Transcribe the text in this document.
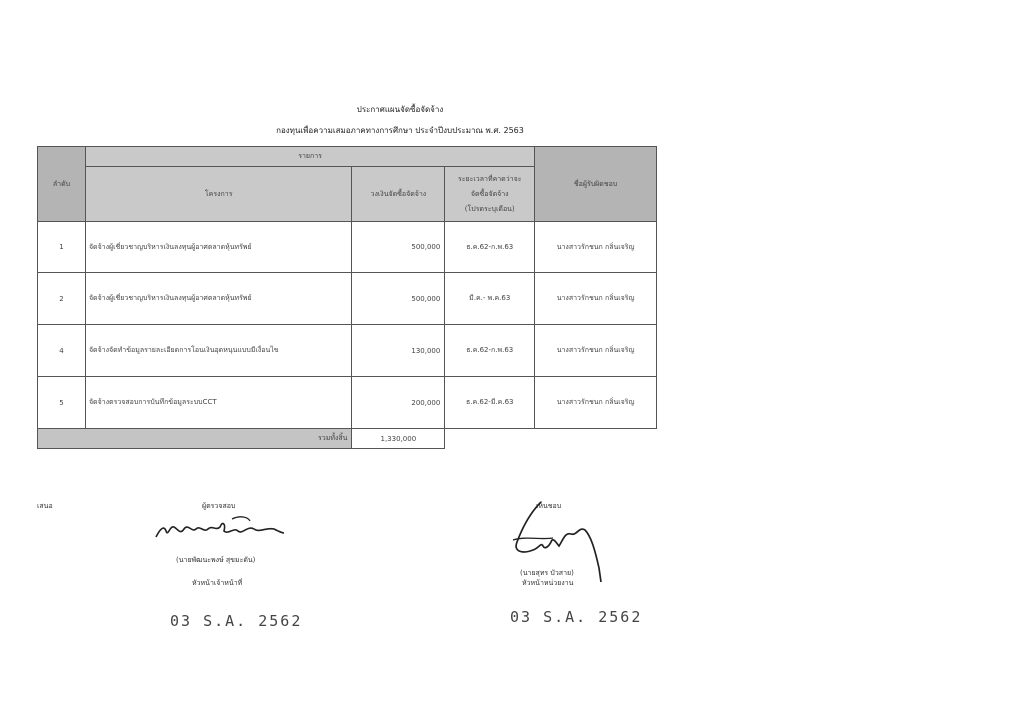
ประกาศแผนจัดซื้อจัดจ้าง
กองทุนเพื่อความเสมอภาคทางการศึกษา ประจำปีงบประมาณ พ.ศ. 2563
ลำดับ	รายการ			ชื่อผู้รับผิดชอบ
	โครงการ	วงเงินจัดซื้อจัดจ้าง	ระยะเวลาที่คาดว่าจะ
จัดซื้อจัดจ้าง
(โปรดระบุเดือน)	

1	จัดจ้างผู้เชี่ยวชาญบริหารเงินลงทุนผู้อาศตลาดหุ้นทรัพย์	500,000	ธ.ค.62-ก.พ.63	นางสาวรักชนก กลิ่นเจริญ
2	จัดจ้างผู้เชี่ยวชาญบริหารเงินลงทุนผู้อาศตลาดหุ้นทรัพย์	500,000	มี.ค.- พ.ค.63	นางสาวรักชนก กลิ่นเจริญ
4	จัดจ้างจัดทำข้อมูลรายละเอียดการโอนเงินอุดหนุนแบบมีเงื่อนไข	130,000	ธ.ค.62-ก.พ.63	นางสาวรักชนก กลิ่นเจริญ
5	จัดจ้างตรวจสอบการบันทึกข้อมูลระบบCCT	200,000	ธ.ค.62-มี.ค.63	นางสาวรักชนก กลิ่นเจริญ
รวมทั้งสิ้น		1,330,000		
เสนอ	ผู้ตรวจสอบ
(นายพัฒนะพงษ์ สุขมะดัน)
หัวหน้าเจ้าหน้าที่
03 S.A. 2562
เห็นชอบ
(นายสุทร บัวสาย)
หัวหน้าหน่วยงาน
03 S.A. 2562
